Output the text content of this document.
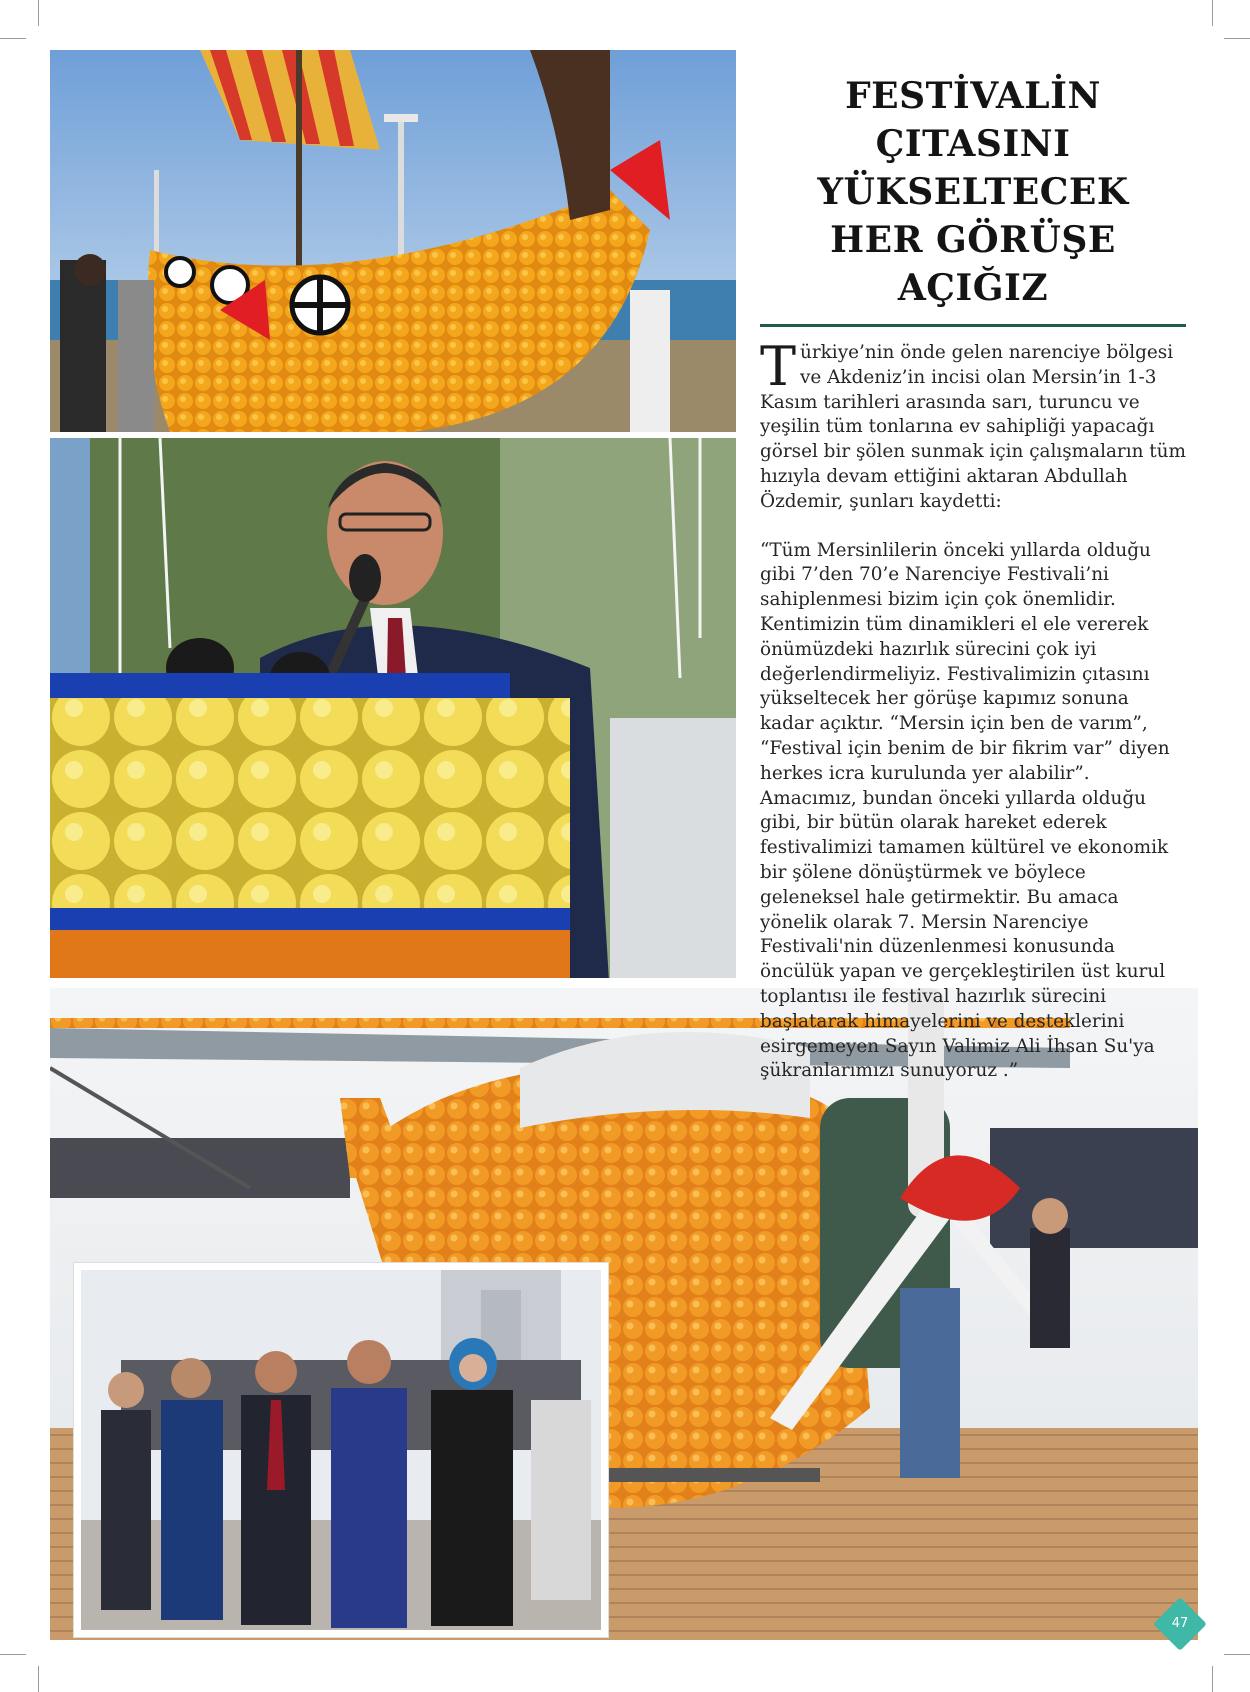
FESTİVALİN ÇITASINI
YÜKSELTECEK
HER GÖRÜŞE AÇIĞIZ

Türkiye’nin önde gelen narenciye bölgesi ve Akdeniz’in incisi olan Mersin’in 1-3 Kasım tarihleri arasında sarı, turuncu ve yeşilin tüm tonlarına ev sahipliği yapacağı görsel bir şölen sunmak için çalışmaların tüm hızıyla devam ettiğini aktaran Abdullah Özdemir, şunları kaydetti:

“Tüm Mersinlilerin önceki yıllarda olduğu gibi 7’den 70’e Narenciye Festivali’ni sahiplenmesi bizim için çok önemlidir. Kentimizin tüm dinamikleri el ele vererek önümüzdeki hazırlık sürecini çok iyi değerlendirmeliyiz. Festivalimizin çıtasını yükseltecek her görüşe kapımız sonuna kadar açıktır. “Mersin için ben de varım”, “Festival için benim de bir fikrim var” diyen herkes icra kurulunda yer alabilir”. Amacımız, bundan önceki yıllarda olduğu gibi, bir bütün olarak hareket ederek festivalimizi tamamen kültürel ve ekonomik bir şölene dönüştürmek ve böylece geleneksel hale getirmektir. Bu amaca yönelik olarak 7. Mersin Narenciye Festivali'nin düzenlenmesi konusunda öncülük yapan ve gerçekleştirilen üst kurul toplantısı ile festival hazırlık sürecini başlatarak himayelerini ve desteklerini esirgemeyen Sayın Valimiz Ali İhsan Su'ya şükranlarımızı sunuyoruz .”

47
